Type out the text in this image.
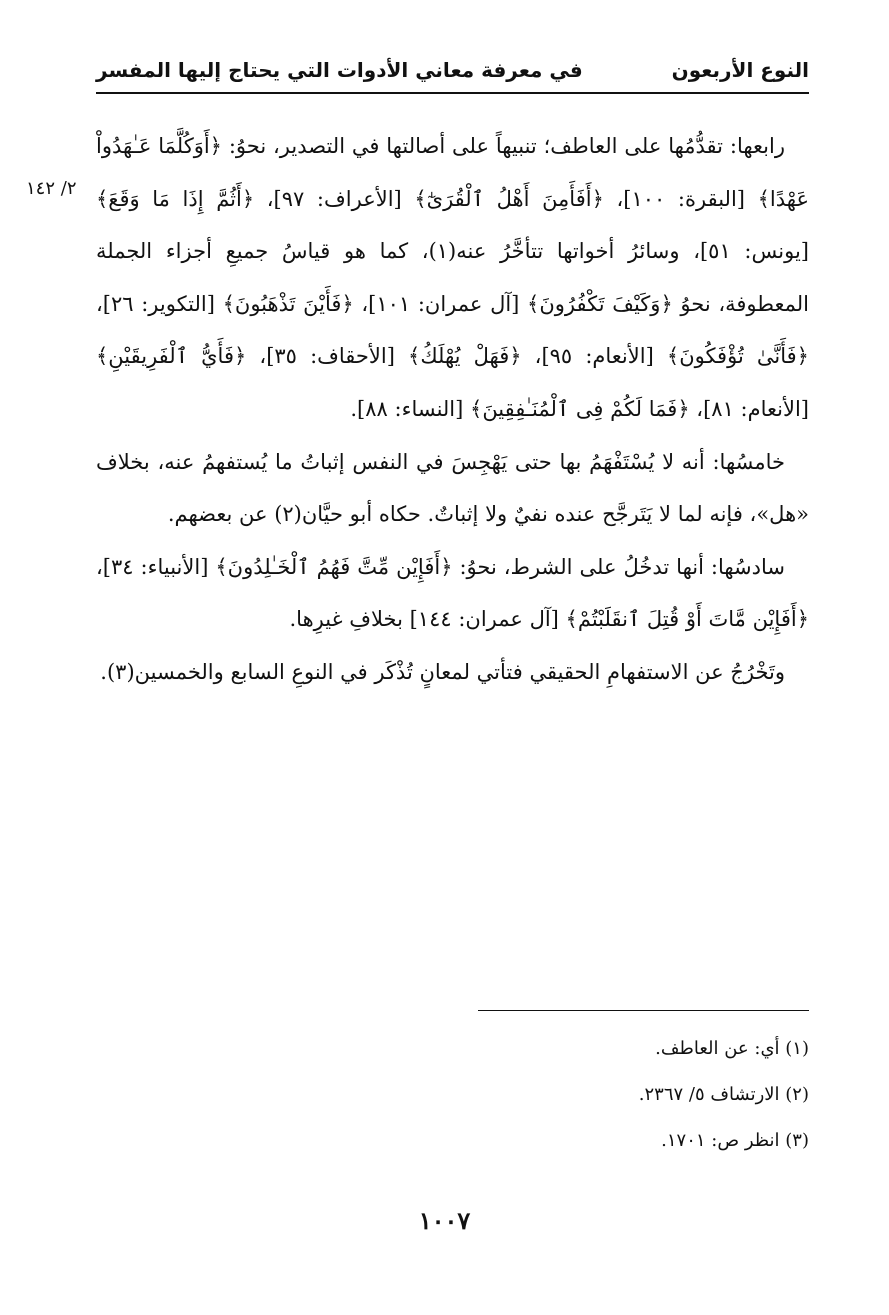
النوع الأربعون
في معرفة معاني الأدوات التي يحتاج إليها المفسر
٢/ ١٤٢

رابعها: تقدُّمُها على العاطف؛ تنبيهاً على أصالتها في التصدير، نحوُ: ﴿أَوَكُلَّمَا عَـٰهَدُواْ عَهْدًا﴾ [البقرة: ١٠٠]، ﴿أَفَأَمِنَ أَهْلُ ٱلْقُرَىٰٓ﴾ [الأعراف: ٩٧]، ﴿أَثُمَّ إِذَا مَا وَقَعَ﴾ [يونس: ٥١]، وسائرُ أخواتها تتأخَّرُ عنه(١)، كما هو قياسُ جميعِ أجزاء الجملة المعطوفة، نحوُ ﴿وَكَيْفَ تَكْفُرُونَ﴾ [آل عمران: ١٠١]، ﴿فَأَيْنَ تَذْهَبُونَ﴾ [التكوير: ٢٦]، ﴿فَأَنَّىٰ تُؤْفَكُونَ﴾ [الأنعام: ٩٥]، ﴿فَهَلْ يُهْلَكُ﴾ [الأحقاف: ٣٥]، ﴿فَأَيُّ ٱلْفَرِيقَيْنِ﴾ [الأنعام: ٨١]، ﴿فَمَا لَكُمْ فِى ٱلْمُنَـٰفِقِينَ﴾ [النساء: ٨٨].

خامسُها: أنه لا يُسْتَفْهَمُ بها حتى يَهْجِسَ في النفس إثباتُ ما يُستفهمُ عنه، بخلاف «هل»، فإنه لما لا يَتَرجَّح عنده نفيٌ ولا إثباتٌ. حكاه أبو حيَّان(٢) عن بعضهم.

سادسُها: أنها تدخُلُ على الشرط، نحوُ: ﴿أَفَإِيْن مِّتَّ فَهُمُ ٱلْخَـٰلِدُونَ﴾ [الأنبياء: ٣٤]، ﴿أَفَإِيْن مَّاتَ أَوْ قُتِلَ ٱنقَلَبْتُمْ﴾ [آل عمران: ١٤٤] بخلافِ غيرِها.

وتَخْرُجُ عن الاستفهامِ الحقيقي فتأتي لمعانٍ تُذْكَر في النوعِ السابع والخمسين(٣).

(١) أي: عن العاطف.
(٢) الارتشاف ٥/ ٢٣٦٧.
(٣) انظر ص: ١٧٠١.
١٠٠٧
